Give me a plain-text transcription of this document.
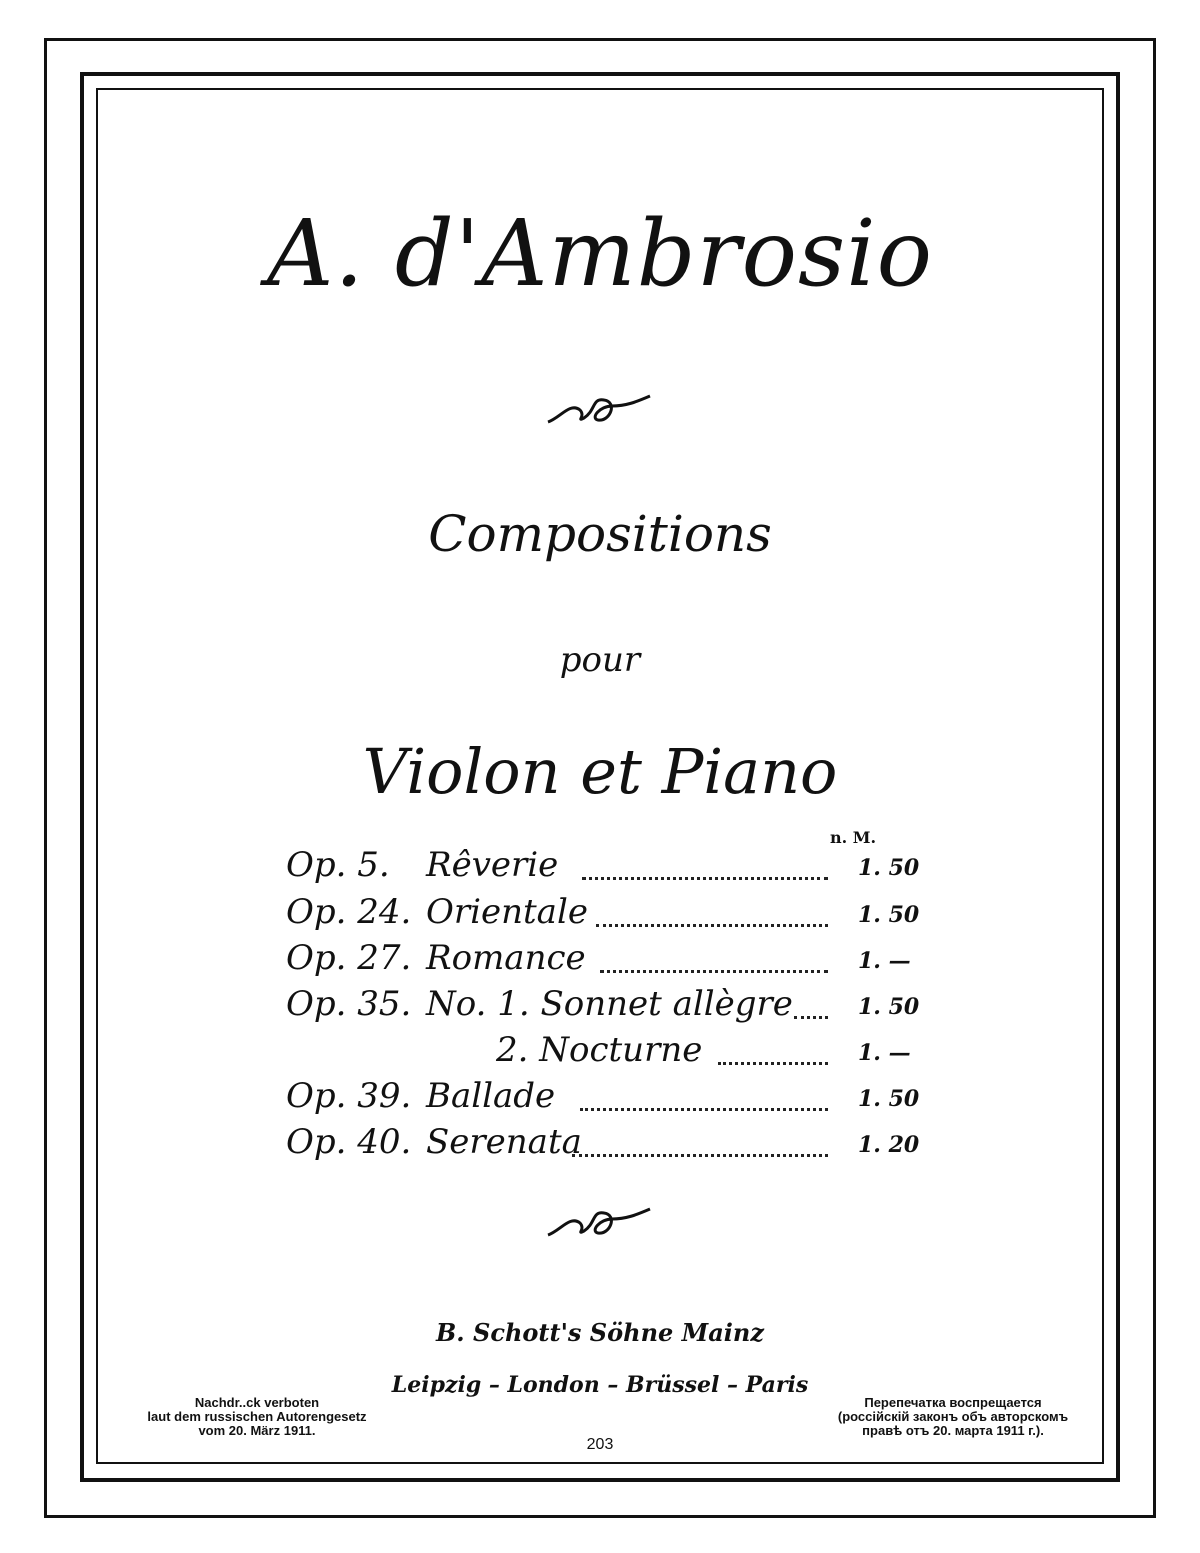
A. d'Ambrosio
Compositions
pour
Violon et Piano
n. M.
Op. 5.	Rêverie	1. 50
Op. 24. Orientale	1. 50
Op. 27. Romance	1. —
Op. 35. No. 1. Sonnet allègre	1. 50
2. Nocturne	1. —
Op. 39. Ballade	1. 50
Op. 40. Serenata	1. 20
B. Schott's Söhne Mainz
Leipzig – London – Brüssel – Paris
Nachdr..ck verboten
laut dem russischen Autorengesetz
vom 20. März 1911.
Перепечатка воспрещается
(россiйскiй законъ объ авторскомъ
правѣ отъ 20. марта 1911 г.).
203
